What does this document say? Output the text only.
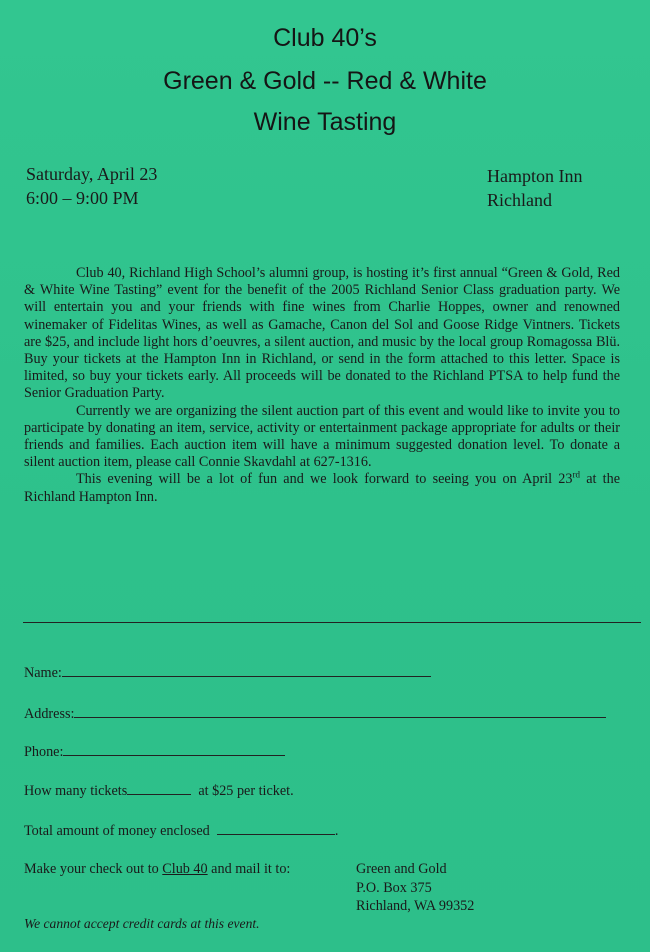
Club 40’s
Green & Gold -- Red & White
Wine Tasting
Saturday, April 23
6:00 – 9:00 PM
Hampton Inn
Richland

Club 40, Richland High School’s alumni group, is hosting it’s first annual “Green & Gold, Red & White Wine Tasting” event for the benefit of the 2005 Richland Senior Class graduation party. We will entertain you and your friends with fine wines from Charlie Hoppes, owner and renowned winemaker of Fidelitas Wines, as well as Gamache, Canon del Sol and Goose Ridge Vintners. Tickets are $25, and include light hors d’oeuvres, a silent auction, and music by the local group Romagossa Blü. Buy your tickets at the Hampton Inn in Richland, or send in the form attached to this letter. Space is limited, so buy your tickets early. All proceeds will be donated to the Richland PTSA to help fund the Senior Graduation Party.

Currently we are organizing the silent auction part of this event and would like to invite you to participate by donating an item, service, activity or entertainment package appropriate for adults or their friends and families. Each auction item will have a minimum suggested donation level. To donate a silent auction item, please call Connie Skavdahl at 627-1316.

This evening will be a lot of fun and we look forward to seeing you on April 23rd at the Richland Hampton Inn.

Name:
Address:
Phone:
How many tickets	at $25 per ticket.
Total amount of money enclosed	.
Make your check out to Club 40 and mail it to:	Green and Gold
P.O. Box 375
Richland, WA 99352
We cannot accept credit cards at this event.
